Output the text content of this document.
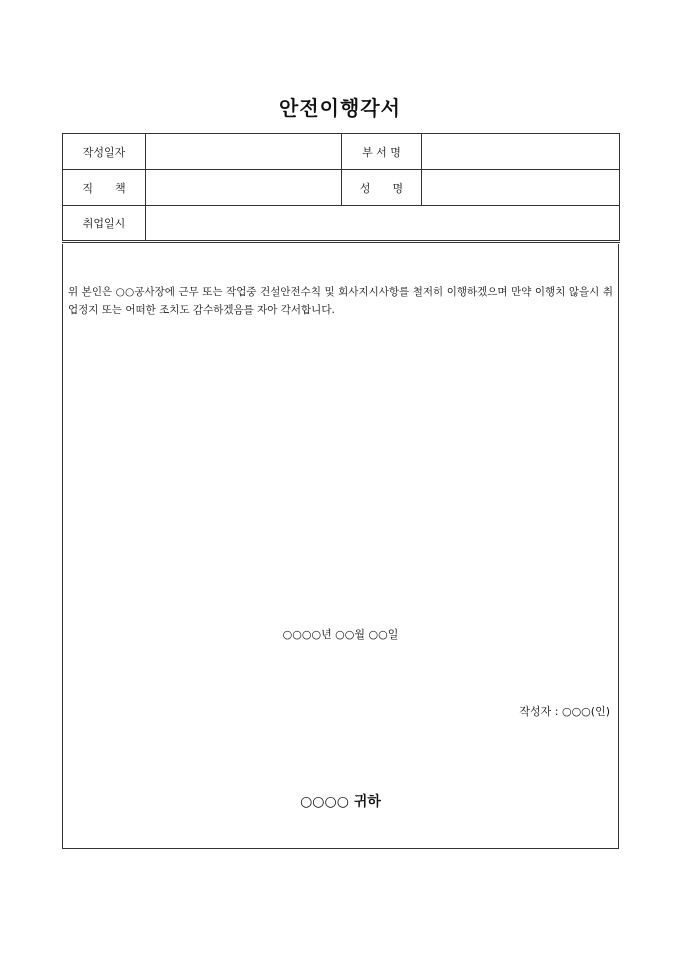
안전이행각서
작성일자		부 서 명	
직　　책		성　　명	
취업일시			
위 본인은 ○○공사장에 근무 또는 작업중 건설안전수칙 및 회사지시사항를 철저히 이행하겠으며 만약 이행치 않을시 취업정지 또는 어떠한 조치도 감수하겠음를 자아 각서합니다.
○○○○년 ○○월 ○○일
작성자 : ○○○(인)
○○○○ 귀하
